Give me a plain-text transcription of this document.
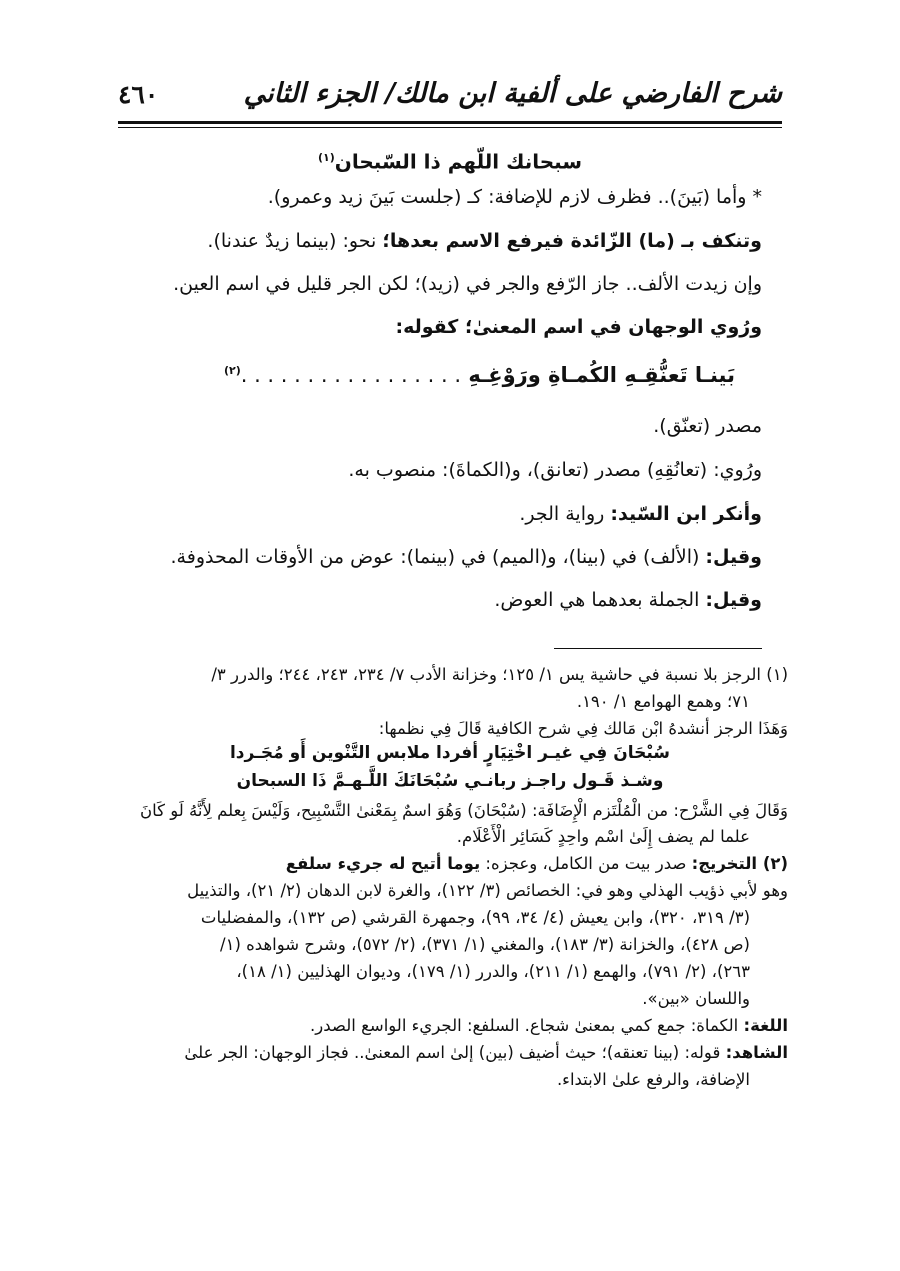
شرح الفارضي على ألفية ابن مالك/ الجزء الثاني
٤٦٠
سبحانك اللّهم ذا السّبحان$^{(١)}$
* وأما (بَينَ).. فظرف لازم للإضافة: كـ (جلست بَينَ زيد وعمرو).
وتنكف بـ (ما) الزّائدة فيرفع الاسم بعدها؛ نحو: (بينما زيدٌ عندنا).
وإن زيدت الألف.. جاز الرّفع والجر في (زيد)؛ لكن الجر قليل في اسم العين.
ورُوي الوجهان في اسم المعنىٰ؛ كقوله:
بَينـا تَعنُّقِـهِ الكُمـاةِ ورَوْغِـهِ . . . . . . . . . . . . . . . . .$^{(٢)}$
مصدر (تعنّق).
ورُوي: (تعانُقِهِ) مصدر (تعانق)، و(الكماةَ): منصوب به.
وأنكر ابن السّيد: رواية الجر.
وقيل: (الألف) في (بينا)، و(الميم) في (بينما): عوض من الأوقات المحذوفة.
وقيل: الجملة بعدهما هي العوض.
(١) الرجز بلا نسبة في حاشية يس ١/ ١٢٥؛ وخزانة الأدب ٧/ ٢٣٤، ٢٤٣، ٢٤٤؛ والدرر ٣/
٧١؛ وهمع الهوامع ١/ ١٩٠.
وَهَذَا الرجز أنشدهُ ابْن مَالك فِي شرح الكافية قَالَ فِي نظمها:
سُبْحَانَ فِي غيـر اخْتِيَارٍ أفردا ملابس التَّنْوين أَو مُجَـردا
وشـذ قَـول راجـز ربانـي سُبْحَانَكَ اللَّـهـمَّ ذَا السبحان
وَقَالَ فِي الشَّرْح: من الْمُلْتَزم الْإِضَافَة: (سُبْحَانَ) وَهُوَ اسمٌ بِمَعْنىٰ التَّسْبِيح، وَلَيْسَ بِعلم لِأَنَّهُ لَو كَانَ
علما لم يضف إِلَىٰ اسْم واحِدٍ كَسَائِر الْأَعْلَام.
(٢) التخريج: صدر بيت من الكامل، وعجزه: يوما أتيح له جريء سلفع
وهو لأبي ذؤيب الهذلي وهو في: الخصائص (٣/ ١٢٢)، والغرة لابن الدهان (٢/ ٢١)، والتذييل
(٣/ ٣١٩، ٣٢٠)، وابن يعيش (٤/ ٣٤، ٩٩)، وجمهرة القرشي (ص ١٣٢)، والمفضليات
(ص ٤٢٨)، والخزانة (٣/ ١٨٣)، والمغني (١/ ٣٧١)، (٢/ ٥٧٢)، وشرح شواهده (١/
٢٦٣)، (٢/ ٧٩١)، والهمع (١/ ٢١١)، والدرر (١/ ١٧٩)، وديوان الهذليين (١/ ١٨)،
واللسان «بين».
اللغة: الكماة: جمع كمي بمعنىٰ شجاع. السلفع: الجريء الواسع الصدر.
الشاهد: قوله: (بينا تعنقه)؛ حيث أضيف (بين) إلىٰ اسم المعنىٰ.. فجاز الوجهان: الجر علىٰ
الإضافة، والرفع علىٰ الابتداء.
